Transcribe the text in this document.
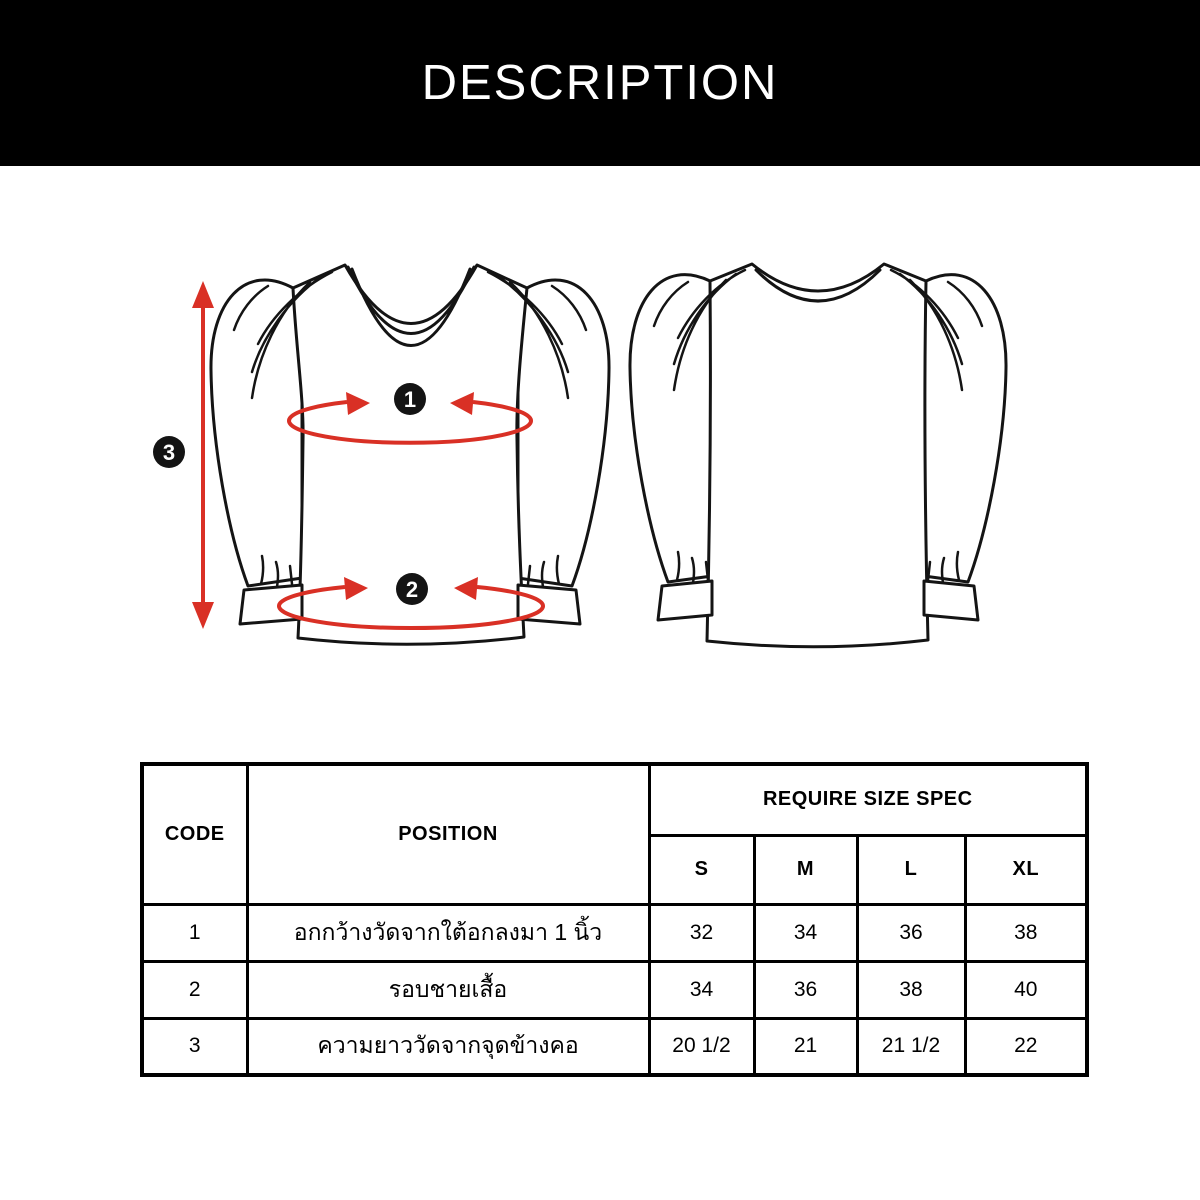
DESCRIPTION
1
2
3
CODE	POSITION	REQUIRE SIZE SPEC			
		S	M	L	XL
1	อกกว้างวัดจากใต้อกลงมา 1 นิ้ว	32	34	36	38
2	รอบชายเสื้อ	34	36	38	40
3	ความยาววัดจากจุดข้างคอ	20 1/2	21	21 1/2	22
